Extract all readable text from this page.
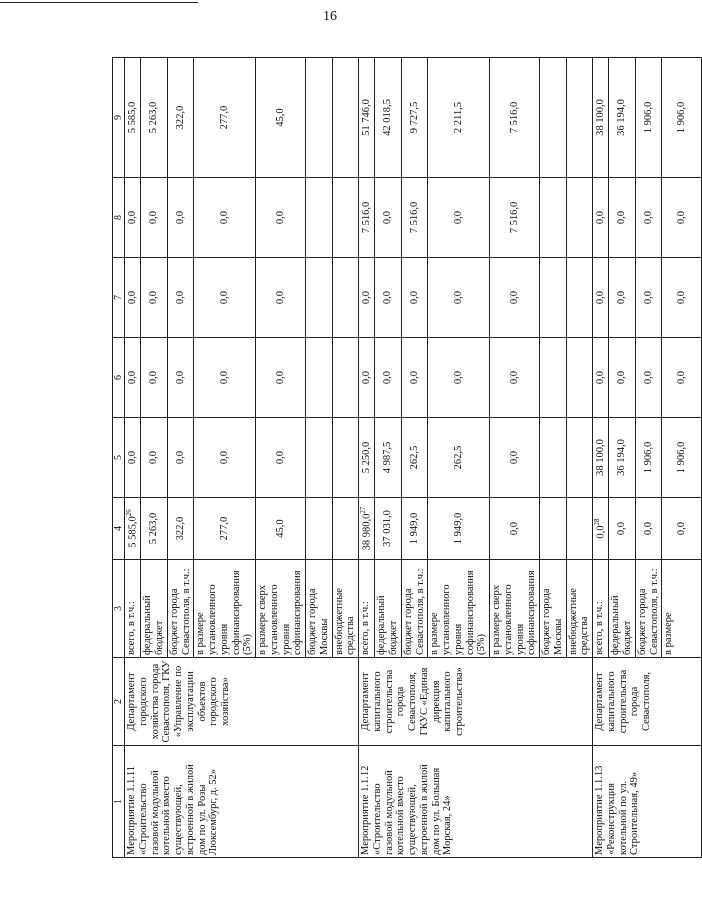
16
1	2	3	4	5	6	7	8	9
Мероприятие 1.1.11 «Строительство газовой модульной котельной вместо существующей, встроенной в жилой дом по ул. Розы Люксембург, д. 52»	Департамент городского хозяйства города Севастополя, ГКУ «Управление по эксплуатации объектов городского хозяйства»	всего, в т.ч.:	5 585,0$^{26}$	0,0	0,0	0,0	0,0	5 585,0
		федеральный бюджет	5 263,0	0,0	0,0	0,0	0,0	5 263,0
		бюджет города Севастополя, в т.ч.:	322,0	0,0	0,0	0,0	0,0	322,0
		в размере установленного уровня софинансирования (5%)	277,0	0,0	0,0	0,0	0,0	277,0
		в размере сверх установленного уровня софинансирования	45,0	0,0	0,0	0,0	0,0	45,0
		бюджет города Москвы						
		внебюджетные средства						
Мероприятие 1.1.12 «Строительство газовой модульной котельной вместо существующей, встроенной в жилой дом по ул. Большая Морская, 24»	Департамент капитального строительства города Севастополя, ГКУС «Единая дирекция капитального строительства»	всего, в т.ч.:	38 980,0$^{27}$	5 250,0	0,0	0,0	7 516,0	51 746,0
		федеральный бюджет	37 031,0	4 987,5	0,0	0,0	0,0	42 018,5
		бюджет города Севастополя, в т.ч.:	1 949,0	262,5	0,0	0,0	7 516,0	9 727,5
		в размере установленного уровня софинансирования (5%)	1 949,0	262,5	0,0	0,0	0,0	2 211,5
		в размере сверх установленного уровня софинансирования	0,0	0,0	0,0	0,0	7 516,0	7 516,0
		бюджет города Москвы						
		внебюджетные средства						
Мероприятие 1.1.13 «Реконструкция котельной по ул. Строительная, 49»	Департамент капитального строительства города Севастополя,	всего, в т.ч.:	$0,0^{28}$	38 100,0	0,0	0,0	0,0	38 100,0
		федеральный бюджет	0,0	36 194,0	0,0	0,0	0,0	36 194,0
		бюджет города Севастополя, в т.ч.:	0,0	1 906,0	0,0	0,0	0,0	1 906,0
		в размере	0,0	1 906,0	0,0	0,0	0,0	1 906,0
